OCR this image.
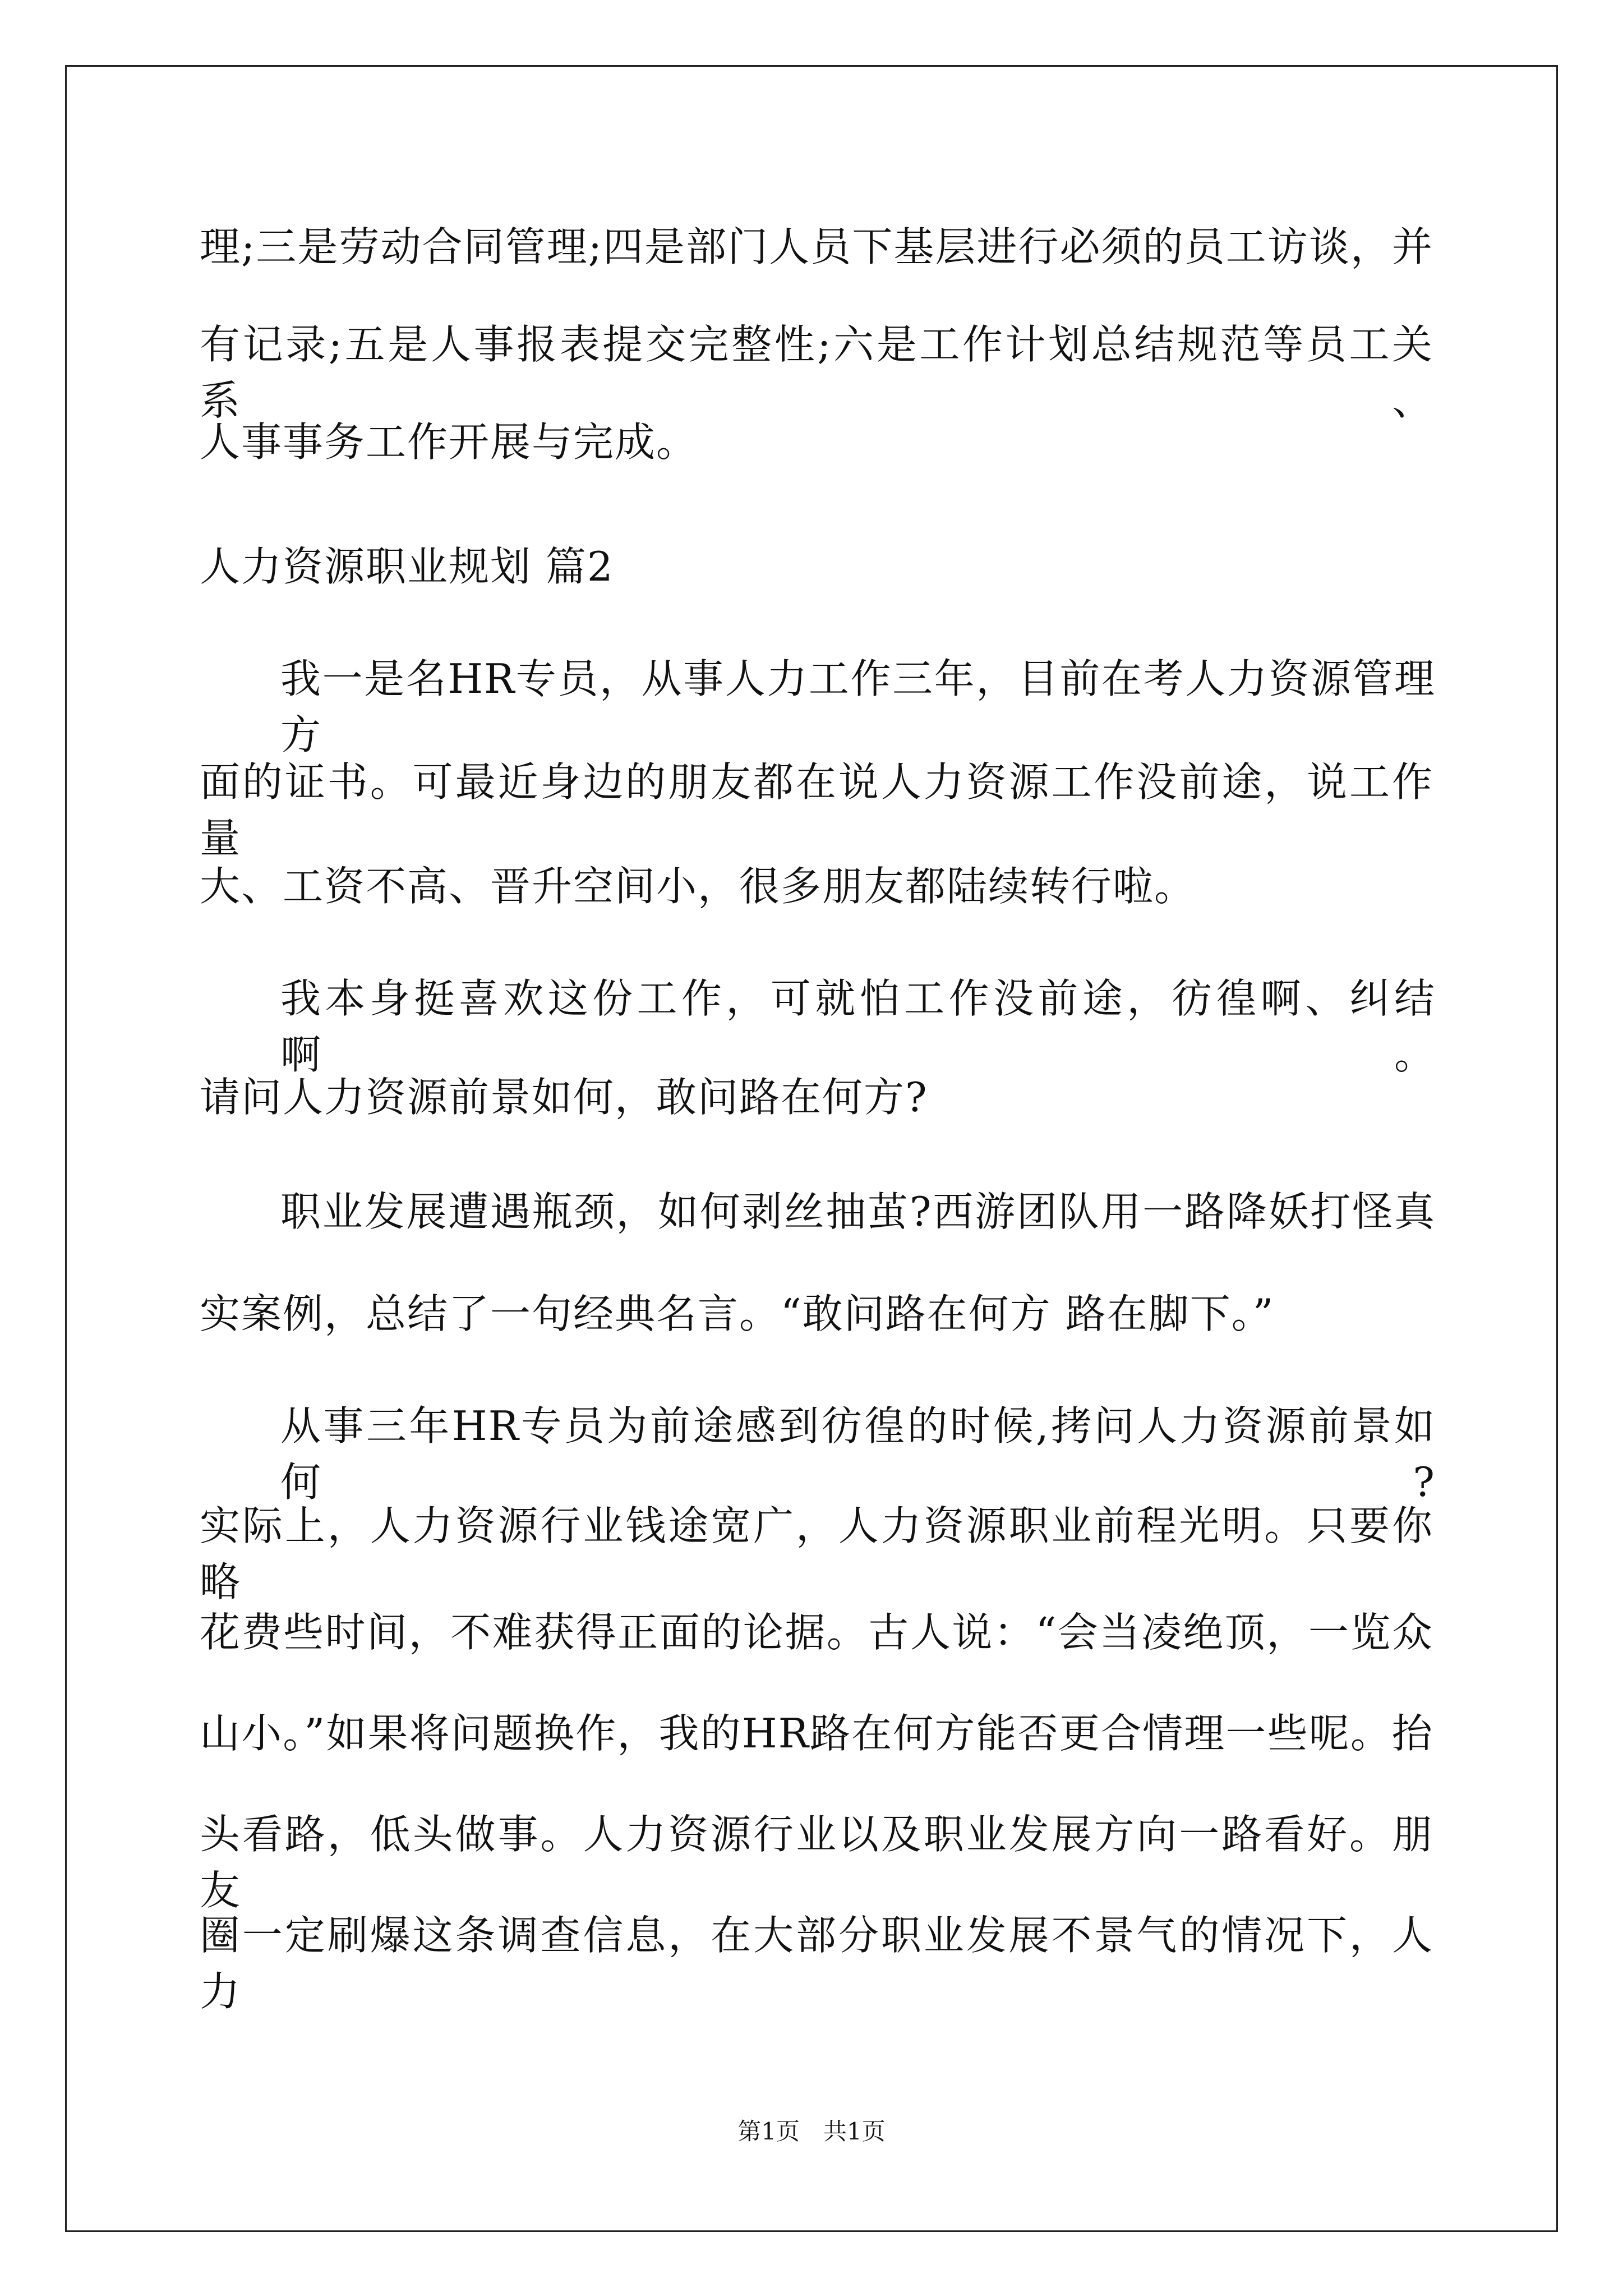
理;三是劳动合同管理;四是部门人员下基层进行必须的员工访谈，并
有记录;五是人事报表提交完整性;六是工作计划总结规范等员工关系、
人事事务工作开展与完成。
人力资源职业规划 篇2
我一是名HR专员，从事人力工作三年，目前在考人力资源管理方
面的证书。可最近身边的朋友都在说人力资源工作没前途，说工作量
大、工资不高、晋升空间小，很多朋友都陆续转行啦。
我本身挺喜欢这份工作，可就怕工作没前途，彷徨啊、纠结啊。
请问人力资源前景如何，敢问路在何方?
职业发展遭遇瓶颈，如何剥丝抽茧?西游团队用一路降妖打怪真
实案例，总结了一句经典名言。“敢问路在何方 路在脚下。”
从事三年HR专员为前途感到彷徨的时候,拷问人力资源前景如何?
实际上，人力资源行业钱途宽广，人力资源职业前程光明。只要你略
花费些时间，不难获得正面的论据。古人说：“会当凌绝顶，一览众
山小。”如果将问题换作，我的HR路在何方能否更合情理一些呢。抬
头看路，低头做事。人力资源行业以及职业发展方向一路看好。朋友
圈一定刷爆这条调查信息，在大部分职业发展不景气的情况下，人力
第1页　共1页
